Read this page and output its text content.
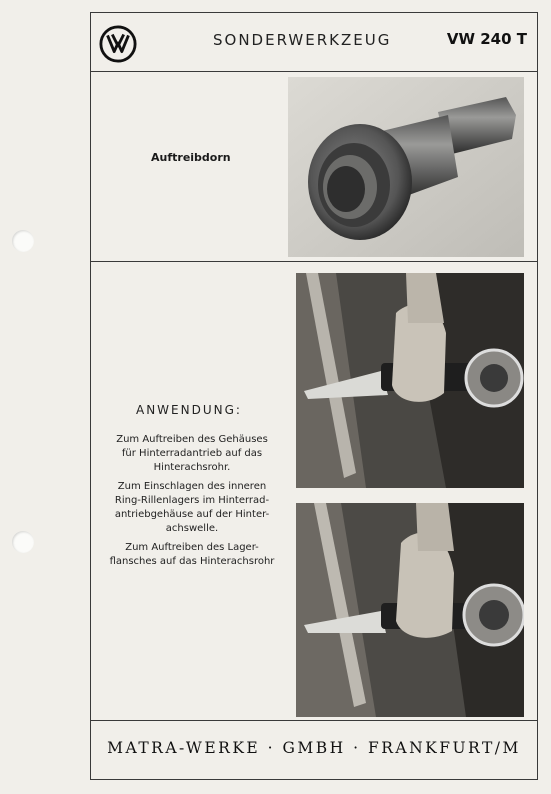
SONDERWERKZEUG	VW 240 T
Auftreibdorn
ANWENDUNG:
Zum Auftreiben des Gehäuses
für Hinterradantrieb auf das
Hinterachsrohr.
Zum Einschlagen des inneren
Ring-Rillenlagers im Hinterrad-
antriebgehäuse auf der Hinter-
achswelle.
Zum Auftreiben des Lager-
flansches auf das Hinterachsrohr
MATRA-WERKE · GMBH · FRANKFURT/M
